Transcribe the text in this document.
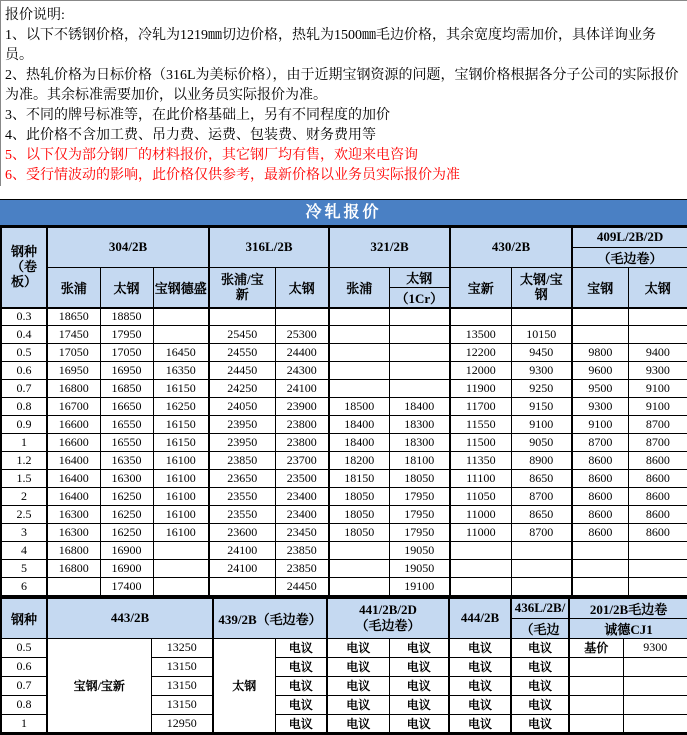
报价说明:
1、以下不锈钢价格，冷轧为1219㎜切边价格，热轧为1500㎜毛边价格，其余宽度均需加价，具体详询业务员。
2、热轧价格为日标价格（316L为美标价格），由于近期宝钢资源的问题，宝钢价格根据各分子公司的实际报价为准。其余标准需要加价，以业务员实际报价为准。
3、不同的牌号标准等，在此价格基础上，另有不同程度的加价
4、此价格不含加工费、吊力费、运费、包装费、财务费用等
5、以下仅为部分钢厂的材料报价，其它钢厂均有售，欢迎来电咨询
6、受行情波动的影响，此价格仅供参考，最新价格以业务员实际报价为准
冷轧报价
钢种（卷板）	304/2B			316L/2B		321/2B		430/2B		409L/2B/2D	
										（毛边卷）	
	张浦	太钢	宝钢德盛	张浦/宝新	太钢	张浦	太钢	宝新	太钢/宝钢	宝钢	太钢
							（1Cr）				
0.3	18650	18850									
0.4	17450	17950		25450	25300			13500	10150		
0.5	17050	17050	16450	24550	24400			12200	9450	9800	9400
0.6	16950	16950	16350	24450	24300			12000	9300	9600	9300
0.7	16800	16850	16150	24250	24100			11900	9250	9500	9100
0.8	16700	16650	16250	24050	23900	18500	18400	11700	9150	9300	9100
0.9	16600	16550	16150	23950	23800	18400	18300	11550	9100	9100	8700
1	16600	16550	16150	23950	23800	18400	18300	11500	9050	8700	8700
1.2	16400	16350	16100	23850	23700	18200	18100	11350	8900	8600	8600
1.5	16400	16300	16100	23650	23500	18150	18050	11100	8650	8600	8600
2	16400	16250	16100	23550	23400	18050	17950	11050	8700	8600	8600
2.5	16300	16250	16100	23550	23400	18050	17950	11000	8650	8600	8600
3	16300	16250	16100	23600	23450	18050	17950	11000	8700	8600	8600
4	16800	16900		24100	23850		19050				
5	16800	16900		24100	23850		19050				
6		17400			24450		19100				
钢种	443/2B		439/2B（毛边卷）		441/2B/2D
（毛边卷）		444/2B	436L/2B/	201/2B毛边卷	
								（毛边	诚德CJ1	
0.5	宝钢/宝新	13250	太钢	电议	电议	电议	电议	电议	基价	9300
0.6		13150		电议	电议	电议	电议	电议		
0.7		13150		电议	电议	电议	电议	电议		
0.8		13150		电议	电议	电议	电议	电议		
1		12950		电议	电议	电议	电议	电议		
